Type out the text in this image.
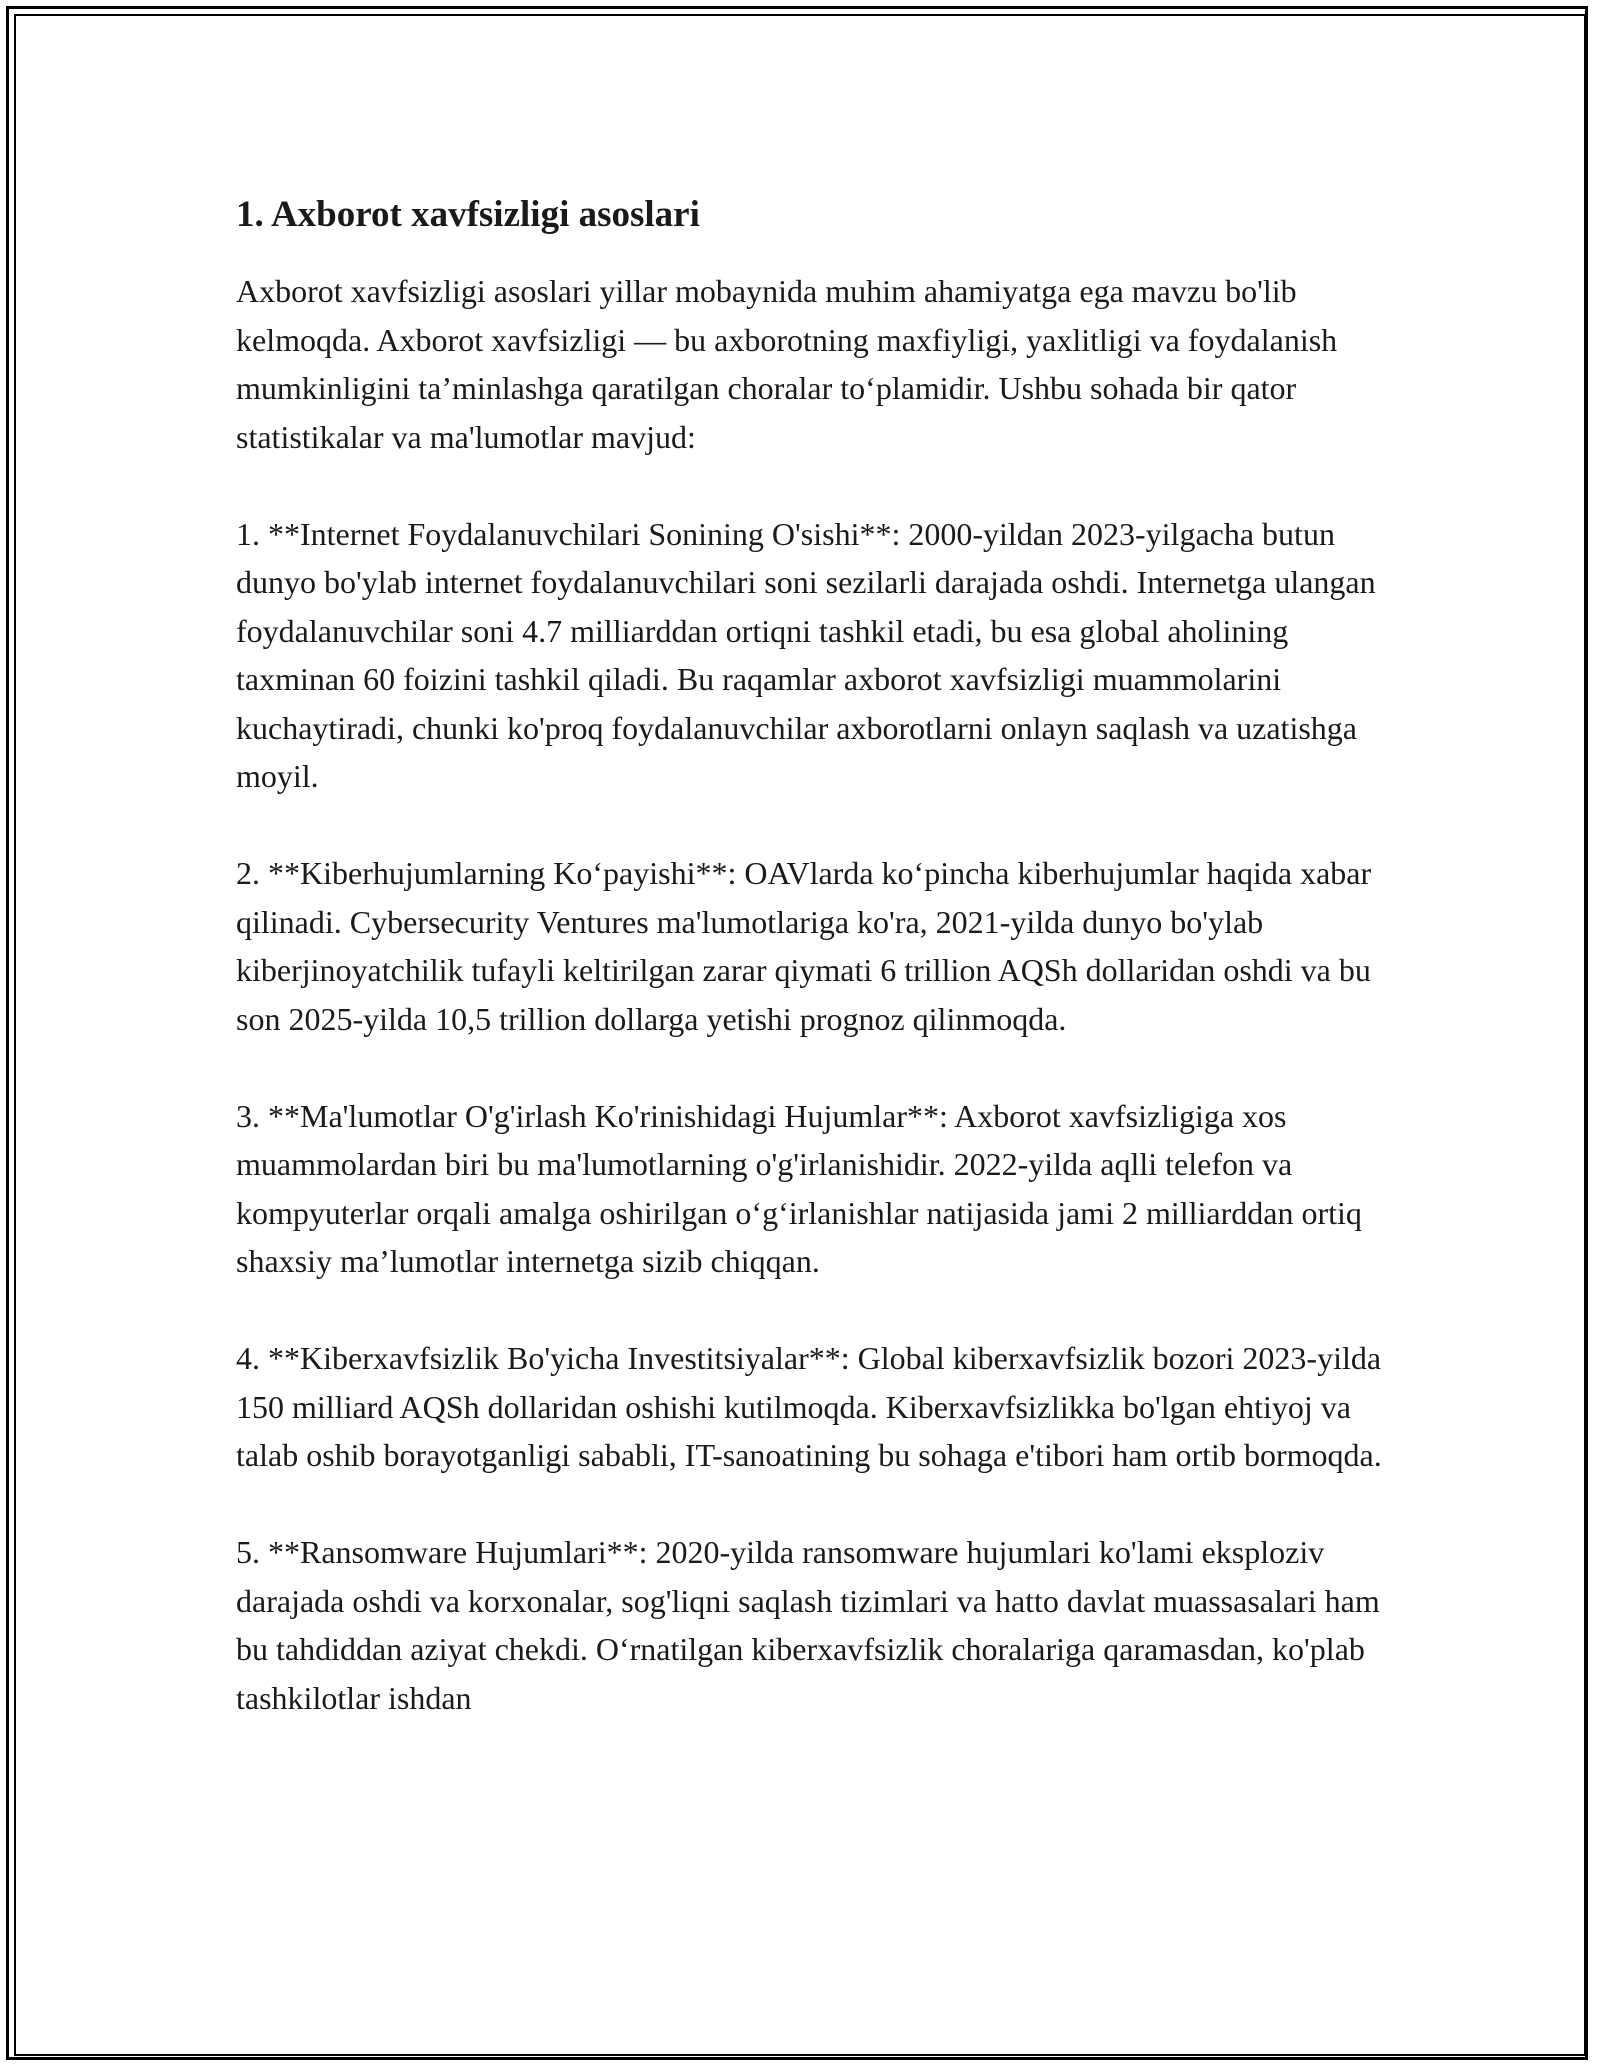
1. Axborot xavfsizligi asoslari

Axborot xavfsizligi asoslari yillar mobaynida muhim ahamiyatga ega mavzu bo'lib kelmoqda. Axborot xavfsizligi — bu axborotning maxfiyligi, yaxlitligi va foydalanish mumkinligini ta’minlashga qaratilgan choralar to‘plamidir. Ushbu sohada bir qator statistikalar va ma'lumotlar mavjud:

1. **Internet Foydalanuvchilari Sonining O'sishi**: 2000-yildan 2023-yilgacha butun dunyo bo'ylab internet foydalanuvchilari soni sezilarli darajada oshdi. Internetga ulangan foydalanuvchilar soni 4.7 milliarddan ortiqni tashkil etadi, bu esa global aholining taxminan 60 foizini tashkil qiladi. Bu raqamlar axborot xavfsizligi muammolarini kuchaytiradi, chunki ko'proq foydalanuvchilar axborotlarni onlayn saqlash va uzatishga moyil.

2. **Kiberhujumlarning Ko‘payishi**: OAVlarda ko‘pincha kiberhujumlar haqida xabar qilinadi. Cybersecurity Ventures ma'lumotlariga ko'ra, 2021-yilda dunyo bo'ylab kiberjinoyatchilik tufayli keltirilgan zarar qiymati 6 trillion AQSh dollaridan oshdi va bu son 2025-yilda 10,5 trillion dollarga yetishi prognoz qilinmoqda.

3. **Ma'lumotlar O'g'irlash Ko'rinishidagi Hujumlar**: Axborot xavfsizligiga xos muammolardan biri bu ma'lumotlarning o'g'irlanishidir. 2022-yilda aqlli telefon va kompyuterlar orqali amalga oshirilgan o‘g‘irlanishlar natijasida jami 2 milliarddan ortiq shaxsiy ma’lumotlar internetga sizib chiqqan.

4. **Kiberxavfsizlik Bo'yicha Investitsiyalar**: Global kiberxavfsizlik bozori 2023-yilda 150 milliard AQSh dollaridan oshishi kutilmoqda. Kiberxavfsizlikka bo'lgan ehtiyoj va talab oshib borayotganligi sababli, IT-sanoatining bu sohaga e'tibori ham ortib bormoqda.

5. **Ransomware Hujumlari**: 2020-yilda ransomware hujumlari ko'lami eksploziv darajada oshdi va korxonalar, sog'liqni saqlash tizimlari va hatto davlat muassasalari ham bu tahdiddan aziyat chekdi. O‘rnatilgan kiberxavfsizlik choralariga qaramasdan, ko'plab tashkilotlar ishdan
